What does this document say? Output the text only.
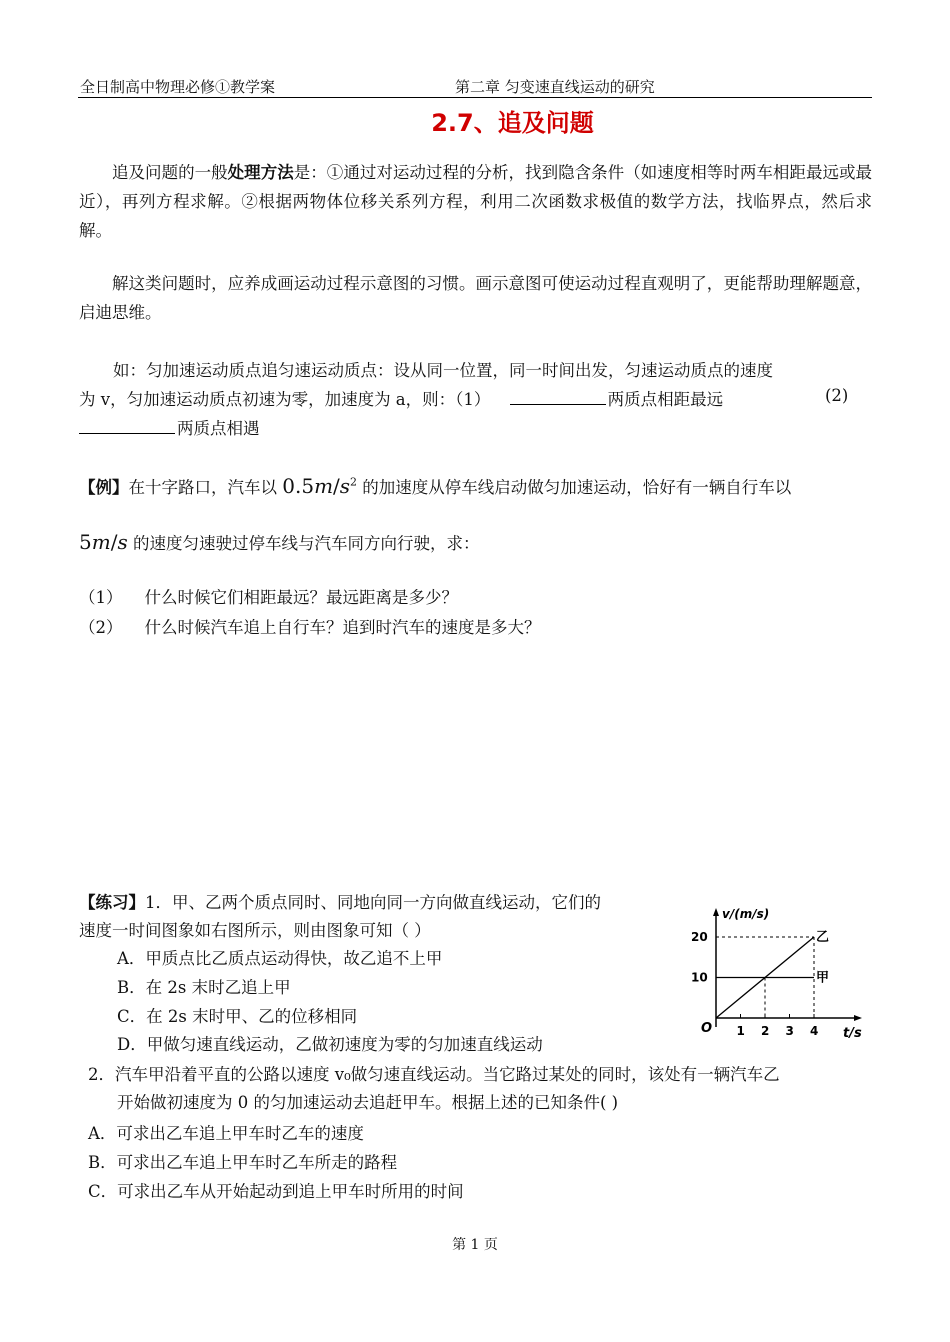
全日制高中物理必修①教学案	第二章 匀变速直线运动的研究
2.7、追及问题
追及问题的一般处理方法是：①通过对运动过程的分析，找到隐含条件（如速度相等时两车相距最远或最近），再列方程求解。②根据两物体位移关系列方程，利用二次函数求极值的数学方法，找临界点，然后求解。
解这类问题时，应养成画运动过程示意图的习惯。画示意图可使运动过程直观明了，更能帮助理解题意，启迪思维。
如：匀加速运动质点追匀速运动质点：设从同一位置，同一时间出发，匀速运动质点的速度
为 v，匀加速运动质点初速为零，加速度为 a，则：（1）	两质点相距最远	(2)
两质点相遇
【例】在十字路口，汽车以 $0.5m/s^2$ 的加速度从停车线启动做匀加速运动，恰好有一辆自行车以
5m/s 的速度匀速驶过停车线与汽车同方向行驶，求：
（1） 什么时候它们相距最远？最远距离是多少？
（2） 什么时候汽车追上自行车？追到时汽车的速度是多大？
【练习】1．甲、乙两个质点同时、同地向同一方向做直线运动，它们的
速度一时间图象如右图所示，则由图象可知（ ）
A．甲质点比乙质点运动得快，故乙追不上甲
B．在 2s 末时乙追上甲
C．在 2s 末时甲、乙的位移相同
D．甲做匀速直线运动，乙做初速度为零的匀加速直线运动
v/(m/s)
t/s
O
10
20
1 2 3 4
甲
乙
2．汽车甲沿着平直的公路以速度 v₀做匀速直线运动。当它路过某处的同时，该处有一辆汽车乙
开始做初速度为 0 的匀加速运动去追赶甲车。根据上述的已知条件( )
A．可求出乙车追上甲车时乙车的速度
B．可求出乙车追上甲车时乙车所走的路程
C．可求出乙车从开始起动到追上甲车时所用的时间
第 1 页
